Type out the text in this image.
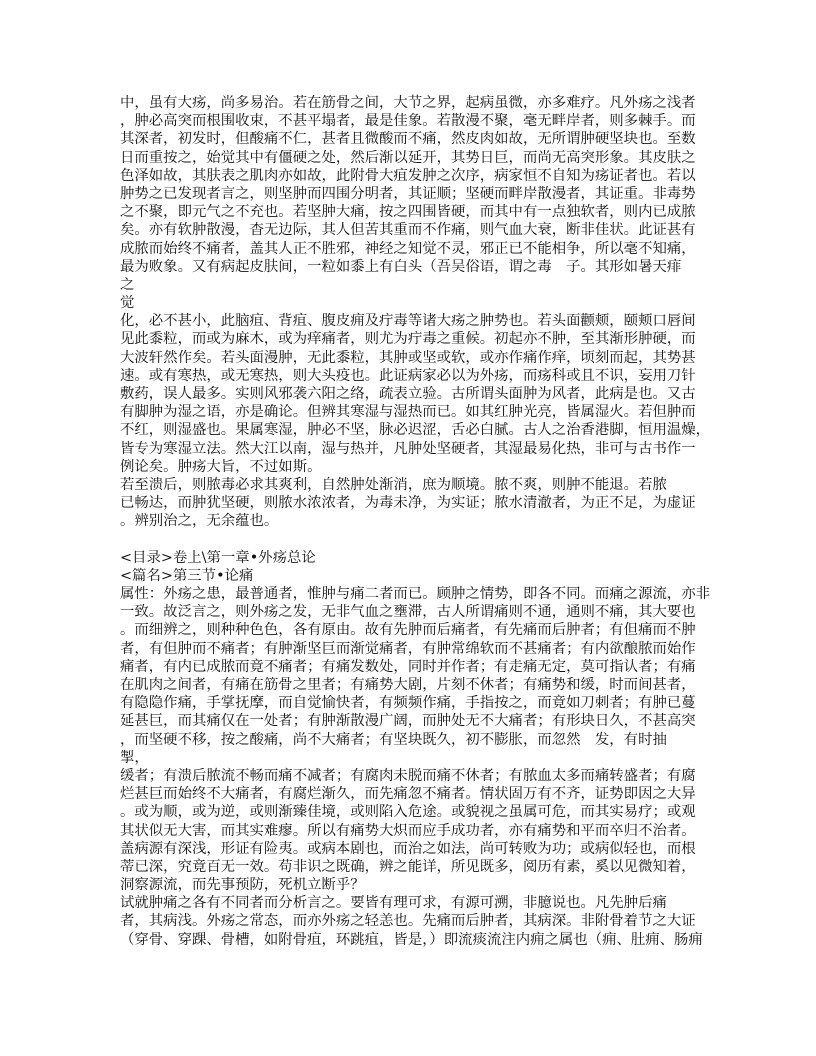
中，虽有大疡，尚多易治。若在筋骨之间，大节之界，起病虽微，亦多难疗。凡外疡之浅者
，肿必高突而根围收束，不甚平塌者，最是佳象。若散漫不聚，毫无畔岸者，则多棘手。而
其深者，初发时，但酸痛不仁，甚者且微酸而不痛，然皮肉如故，无所谓肿硬坚块也。至数
日而重按之，始觉其中有僵硬之处，然后渐以延开，其势日巨，而尚无高突形象。其皮肤之
色泽如故，其肤表之肌肉亦如故，此附骨大疽发肿之次序，病家恒不自知为疡证者也。若以
肿势之已发现者言之，则坚肿而四围分明者，其证顺；坚硬而畔岸散漫者，其证重。非毒势
之不聚，即元气之不充也。若坚肿大痛，按之四围皆硬，而其中有一点独软者，则内已成脓
矣。亦有软肿散漫，杳无边际，其人但苦其重而不作痛，则气血大衰，断非佳状。此证甚有
成脓而始终不痛者，盖其人正不胜邪，神经之知觉不灵，邪正已不能相争，所以毫不知痛，
最为败象。又有病起皮肤间，一粒如黍上有白头（吾吴俗语，谓之毒　子。其形如暑天痱
之
觉
化，必不甚小，此脑疽、背疽、腹皮痈及疔毒等诸大疡之肿势也。若头面颧颊，颐颊口唇间
见此黍粒，而或为麻木，或为痒痛者，则尤为疔毒之重候。初起亦不肿，至其渐形肿硬，而
大波轩然作矣。若头面漫肿，无此黍粒，其肿或坚或软，或亦作痛作痒，顷刻而起，其势甚
速。或有寒热，或无寒热，则大头疫也。此证病家必以为外疡，而疡科或且不识，妄用刀针
敷药，误人最多。实则风邪袭六阳之络，疏表立验。古所谓头面肿为风者，此病是也。又古
有脚肿为湿之语，亦是确论。但辨其寒湿与湿热而已。如其红肿光亮，皆属湿火。若但肿而
不红，则湿盛也。果属寒湿，肿必不坚，脉必迟涩，舌必白腻。古人之治香港脚，恒用温燥，
皆专为寒湿立法。然大江以南，湿与热并，凡肿处坚硬者，其湿最易化热，非可与古书作一
例论矣。肿疡大旨，不过如斯。
若至溃后，则脓毒必求其爽利，自然肿处渐消，庶为顺境。脓不爽，则肿不能退。若脓
已畅达，而肿犹坚硬，则脓水浓浓者，为毒未净，为实证；脓水清澈者，为正不足，为虚证
。辨别治之，无余蕴也。
<目录>卷上\第一章•外疡总论
<篇名>第三节•论痛
属性：外疡之患，最普通者，惟肿与痛二者而已。顾肿之情势，即各不同。而痛之源流，亦非
一致。故泛言之，则外疡之发，无非气血之壅滞，古人所谓痛则不通，通则不痛，其大要也
。而细辨之，则种种色色，各有原由。故有先肿而后痛者，有先痛而后肿者；有但痛而不肿
者，有但肿而不痛者；有肿渐坚巨而渐觉痛者，有肿常绵软而不甚痛者；有内欲酿脓而始作
痛者，有内已成脓而竟不痛者；有痛发数处，同时并作者；有走痛无定，莫可指认者；有痛
在肌肉之间者，有痛在筋骨之里者；有痛势大剧，片刻不休者；有痛势和缓，时而间甚者，
有隐隐作痛，手掌抚摩，而自觉愉快者，有频频作痛，手指按之，而竟如刀刺者；有肿已蔓
延甚巨，而其痛仅在一处者；有肿渐散漫广阔，而肿处无不大痛者；有形块日久，不甚高突
，而坚硬不移，按之酸痛，尚不大痛者；有坚块既久，初不膨胀，而忽然　发，有时抽
掣，
缓者；有溃后脓流不畅而痛不减者；有腐肉未脱而痛不休者；有脓血太多而痛转盛者；有腐
烂甚巨而始终不大痛者，有腐烂渐久，而先痛忽不痛者。情状固万有不齐，证势即因之大异
。或为顺，或为逆，或则渐臻佳境，或则陷入危途。或貌视之虽属可危，而其实易疗；或观
其状似无大害，而其实难瘳。所以有痛势大炽而应手成功者，亦有痛势和平而卒归不治者。
盖病源有深浅，形证有险夷。或病本剧也，而治之如法，尚可转败为功；或病似轻也，而根
蒂已深，究竟百无一效。苟非识之既确，辨之能详，所见既多，阅历有素，奚以见微知着，
洞察源流，而先事预防，死机立断乎？
试就肿痛之各有不同者而分析言之。要皆有理可求，有源可溯，非臆说也。凡先肿后痛
者，其病浅。外疡之常态，而亦外疡之轻恙也。先痛而后肿者，其病深。非附骨着节之大证
（穿骨、穿踝、骨槽，如附骨疽，环跳疽，皆是，）即流痰流注内痈之属也（痈、肚痈、肠痈
